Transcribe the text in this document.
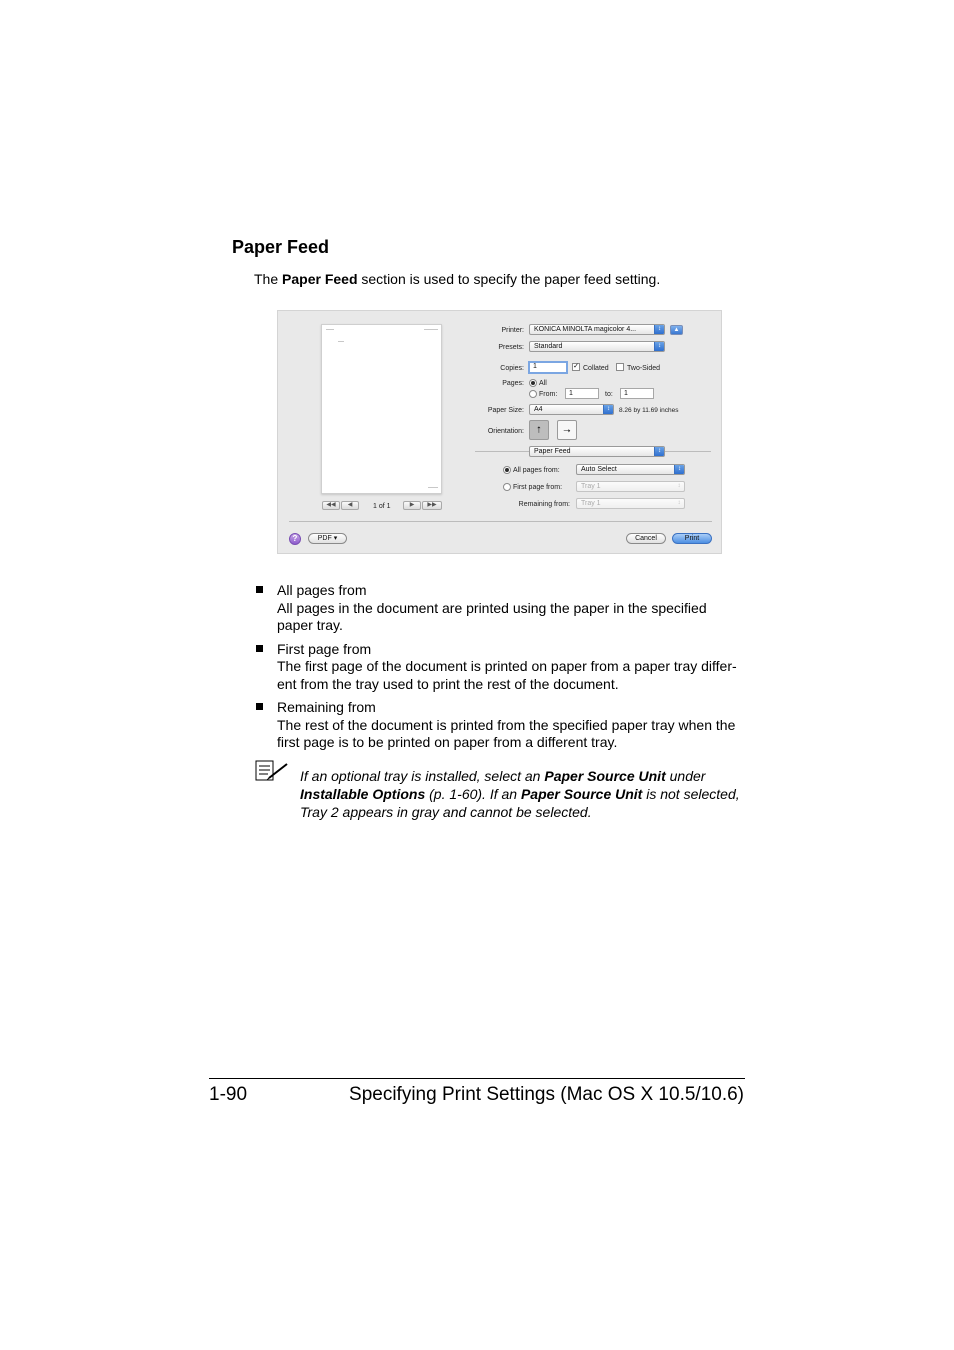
Paper Feed
The Paper Feed section is used to specify the paper feed setting.
◀◀	◀	1 of 1	▶	▶▶
Printer:	KONICA MINOLTA magicolor 4...	↕	▲
Presets:	Standard	↕
Copies:	1	✓ Collated	Two-Sided
Pages: All
From:	1	to:	1
Paper Size:	A4	↕	8.26 by 11.69 inches
Orientation:	⭡	⭢
Paper Feed	↕
All pages from:	Auto Select	↕
First page from:	Tray 1	↕
Remaining from:	Tray 1	↕
?	PDF ▾	Cancel	Print
All pages from
All pages in the document are printed using the paper in the specified paper tray.
First page from
The first page of the document is printed on paper from a paper tray differ-ent from the tray used to print the rest of the document.
Remaining from
The rest of the document is printed from the specified paper tray when the first page is to be printed on paper from a different tray.
If an optional tray is installed, select an Paper Source Unit under Installable Options (p. 1-60). If an Paper Source Unit is not selected, Tray 2 appears in gray and cannot be selected.
1-90	Specifying Print Settings (Mac OS X 10.5/10.6)
